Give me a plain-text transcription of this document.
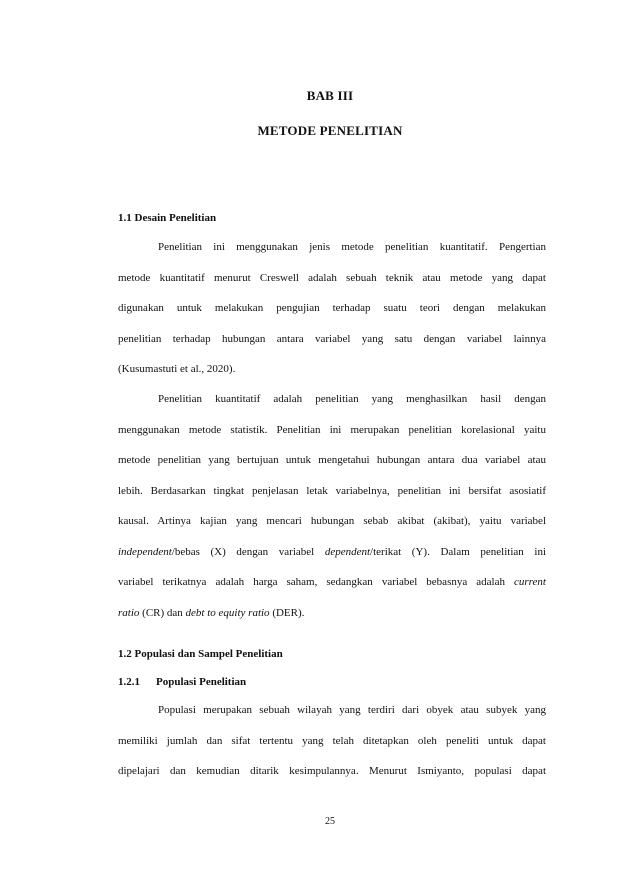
BAB III
METODE PENELITIAN
1.1 Desain Penelitian
Penelitian ini menggunakan jenis metode penelitian kuantitatif. Pengertian
metode kuantitatif menurut Creswell adalah sebuah teknik atau metode yang dapat
digunakan untuk melakukan pengujian terhadap suatu teori dengan melakukan
penelitian terhadap hubungan antara variabel yang satu dengan variabel lainnya
(Kusumastuti et al., 2020).
Penelitian kuantitatif adalah penelitian yang menghasilkan hasil dengan
menggunakan metode statistik. Penelitian ini merupakan penelitian korelasional yaitu
metode penelitian yang bertujuan untuk mengetahui hubungan antara dua variabel atau
lebih. Berdasarkan tingkat penjelasan letak variabelnya, penelitian ini bersifat asosiatif
kausal. Artinya kajian yang mencari hubungan sebab akibat (akibat), yaitu variabel
independent/bebas (X) dengan variabel dependent/terikat (Y). Dalam penelitian ini
variabel terikatnya adalah harga saham, sedangkan variabel bebasnya adalah current
ratio (CR) dan debt to equity ratio (DER).
1.2 Populasi dan Sampel Penelitian
1.2.1 Populasi Penelitian
Populasi merupakan sebuah wilayah yang terdiri dari obyek atau subyek yang
memiliki jumlah dan sifat tertentu yang telah ditetapkan oleh peneliti untuk dapat
dipelajari dan kemudian ditarik kesimpulannya. Menurut Ismiyanto, populasi dapat
25
